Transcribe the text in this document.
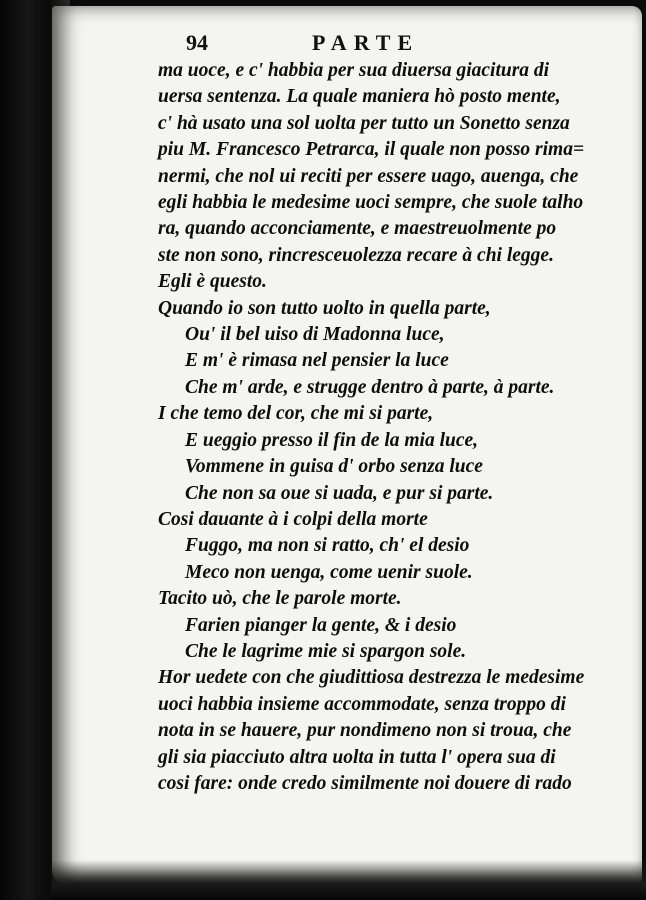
94	PARTE
ma uoce, e c' habbia per sua diuersa giacitura di
uersa sentenza. La quale maniera hò posto mente,
c' hà usato una sol uolta per tutto un Sonetto senza
piu M. Francesco Petrarca, il quale non posso rima=
nermi, che nol ui reciti per essere uago, auenga, che
egli habbia le medesime uoci sempre, che suole talho
ra, quando acconciamente, e maestreuolmente po
ste non sono, rincresceuolezza recare à chi legge.
Egli è questo.
Quando io son tutto uolto in quella parte,
Ou' il bel uiso di Madonna luce,
E m' è rimasa nel pensier la luce
Che m' arde, e strugge dentro à parte, à parte.
I che temo del cor, che mi si parte,
E ueggio presso il fin de la mia luce,
Vommene in guisa d' orbo senza luce
Che non sa oue si uada, e pur si parte.
Cosi dauante à i colpi della morte
Fuggo, ma non si ratto, ch' el desio
Meco non uenga, come uenir suole.
Tacito uò, che le parole morte.
Farien pianger la gente, & i desio
Che le lagrime mie si spargon sole.
Hor uedete con che giudittiosa destrezza le medesime
uoci habbia insieme accommodate, senza troppo di
nota in se hauere, pur nondimeno non si troua, che
gli sia piacciuto altra uolta in tutta l' opera sua di
cosi fare: onde credo similmente noi douere di rado
